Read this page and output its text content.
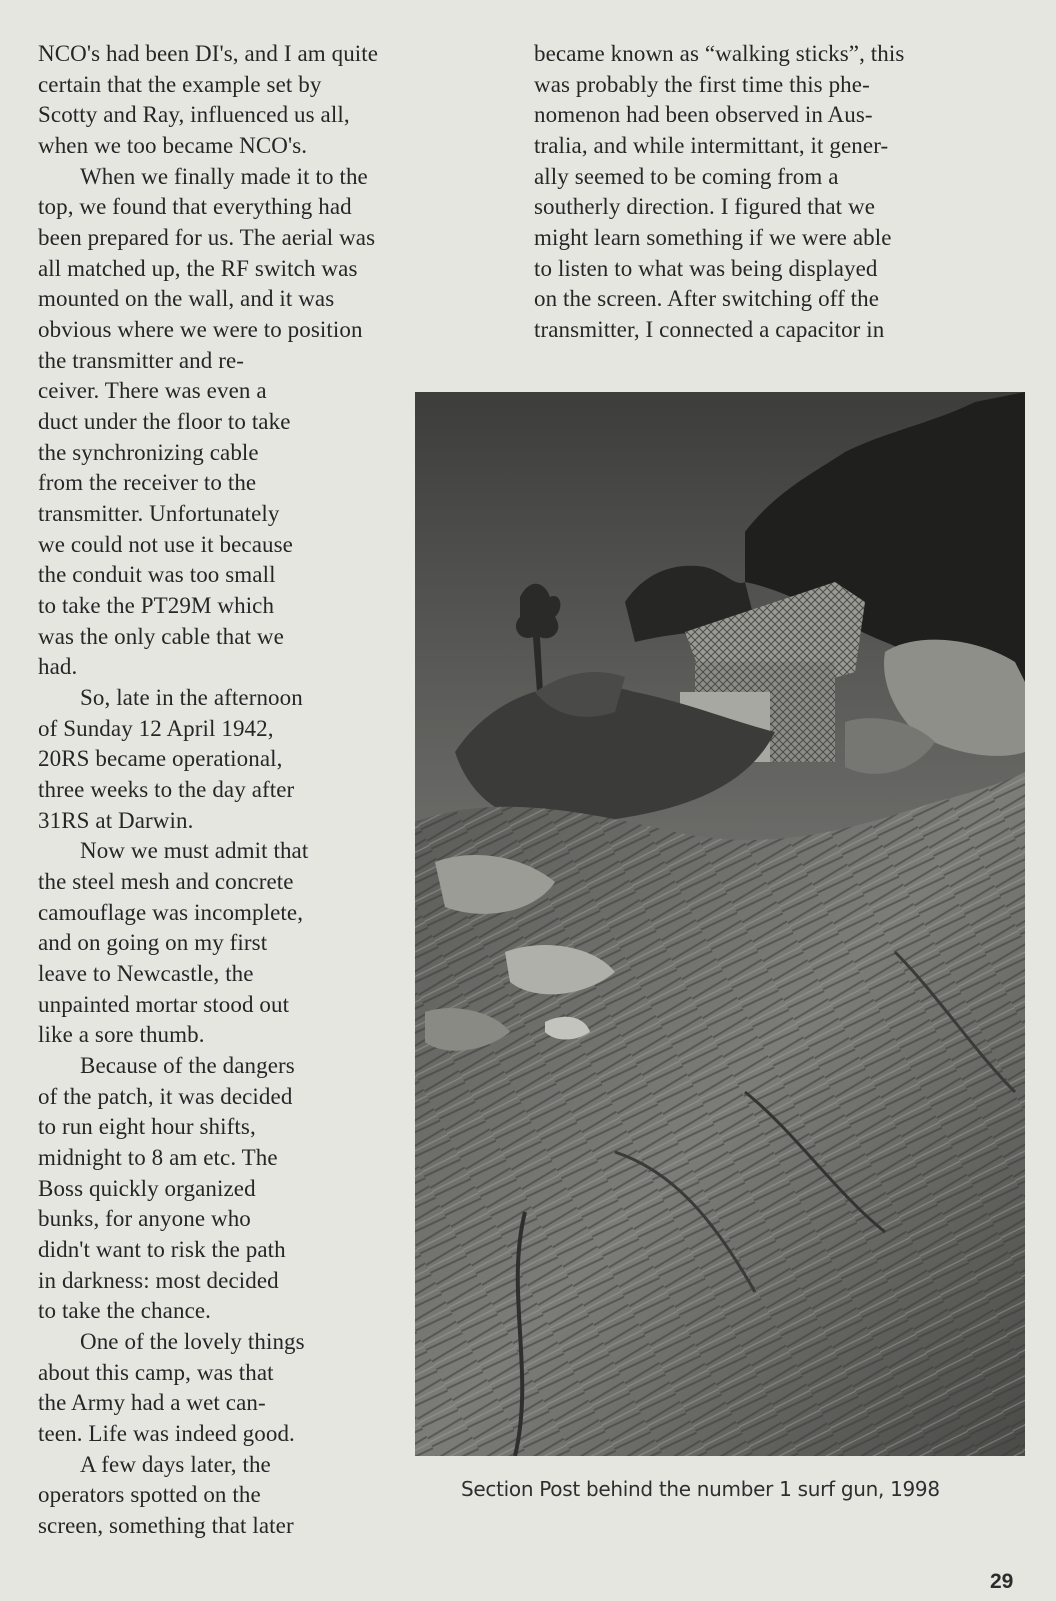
NCO's had been DI's, and I am quite
certain that the example set by
Scotty and Ray, influenced us all,
when we too became NCO's.
When we finally made it to the
top, we found that everything had
been prepared for us. The aerial was
all matched up, the RF switch was
mounted on the wall, and it was
obvious where we were to position
the transmitter and re-
ceiver. There was even a
duct under the floor to take
the synchronizing cable
from the receiver to the
transmitter. Unfortunately
we could not use it because
the conduit was too small
to take the PT29M which
was the only cable that we
had.
So, late in the afternoon
of Sunday 12 April 1942,
20RS became operational,
three weeks to the day after
31RS at Darwin.
Now we must admit that
the steel mesh and concrete
camouflage was incomplete,
and on going on my first
leave to Newcastle, the
unpainted mortar stood out
like a sore thumb.
Because of the dangers
of the patch, it was decided
to run eight hour shifts,
midnight to 8 am etc. The
Boss quickly organized
bunks, for anyone who
didn't want to risk the path
in darkness: most decided
to take the chance.
One of the lovely things
about this camp, was that
the Army had a wet can-
teen. Life was indeed good.
A few days later, the
operators spotted on the
screen, something that later
became known as “walking sticks”, this
was probably the first time this phe-
nomenon had been observed in Aus-
tralia, and while intermittant, it gener-
ally seemed to be coming from a
southerly direction. I figured that we
might learn something if we were able
to listen to what was being displayed
on the screen. After switching off the
transmitter, I connected a capacitor in
Section Post behind the number 1 surf gun, 1998
29
